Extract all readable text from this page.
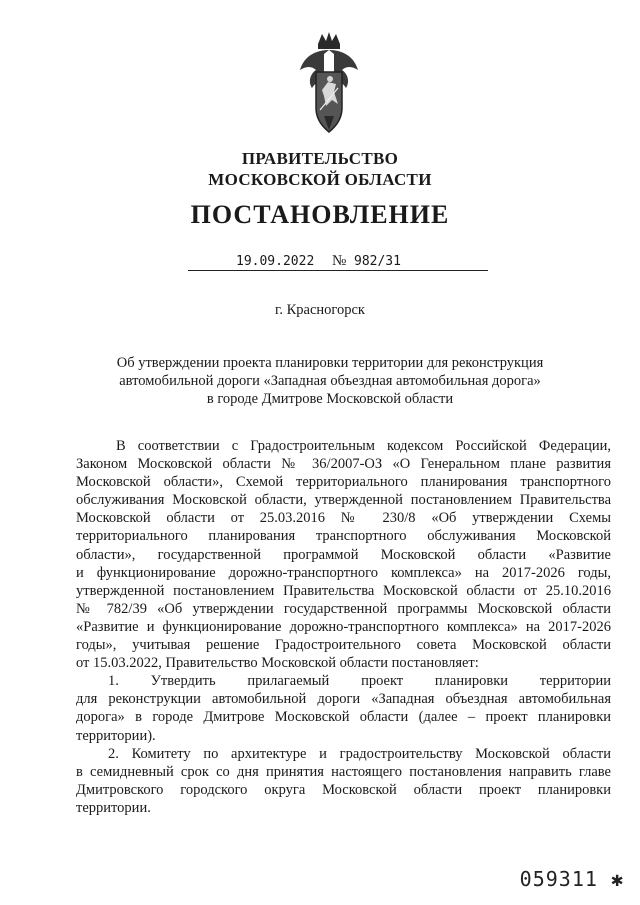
ПРАВИТЕЛЬСТВО
МОСКОВСКОЙ ОБЛАСТИ
ПОСТАНОВЛЕНИЕ
19.09.2022 № 982/31
г. Красногорск
Об утверждении проекта планировки территории для реконструкция
автомобильной дороги «Западная объездная автомобильная дорога»
в городе Дмитрове Московской области
В соответствии с Градостроительным кодексом Российской Федерации,
Законом Московской области № 36/2007-ОЗ «О Генеральном плане развития
Московской области», Схемой территориального планирования транспортного
обслуживания Московской области, утвержденной постановлением Правительства
Московской области от 25.03.2016 № 230/8 «Об утверждении Схемы
территориального планирования транспортного обслуживания Московской
области», государственной программой Московской области «Развитие
и функционирование дорожно-транспортного комплекса» на 2017-2026 годы,
утвержденной постановлением Правительства Московской области от 25.10.2016
№ 782/39 «Об утверждении государственной программы Московской области
«Развитие и функционирование дорожно-транспортного комплекса» на 2017-2026
годы», учитывая решение Градостроительного совета Московской области
от 15.03.2022, Правительство Московской области постановляет:
1. Утвердить прилагаемый проект планировки территории
для реконструкции автомобильной дороги «Западная объездная автомобильная
дорога» в городе Дмитрове Московской области (далее – проект планировки
территории).
2. Комитету по архитектуре и градостроительству Московской области
в семидневный срок со дня принятия настоящего постановления направить главе
Дмитровского городского округа Московской области проект планировки
территории.
059311 ✱
